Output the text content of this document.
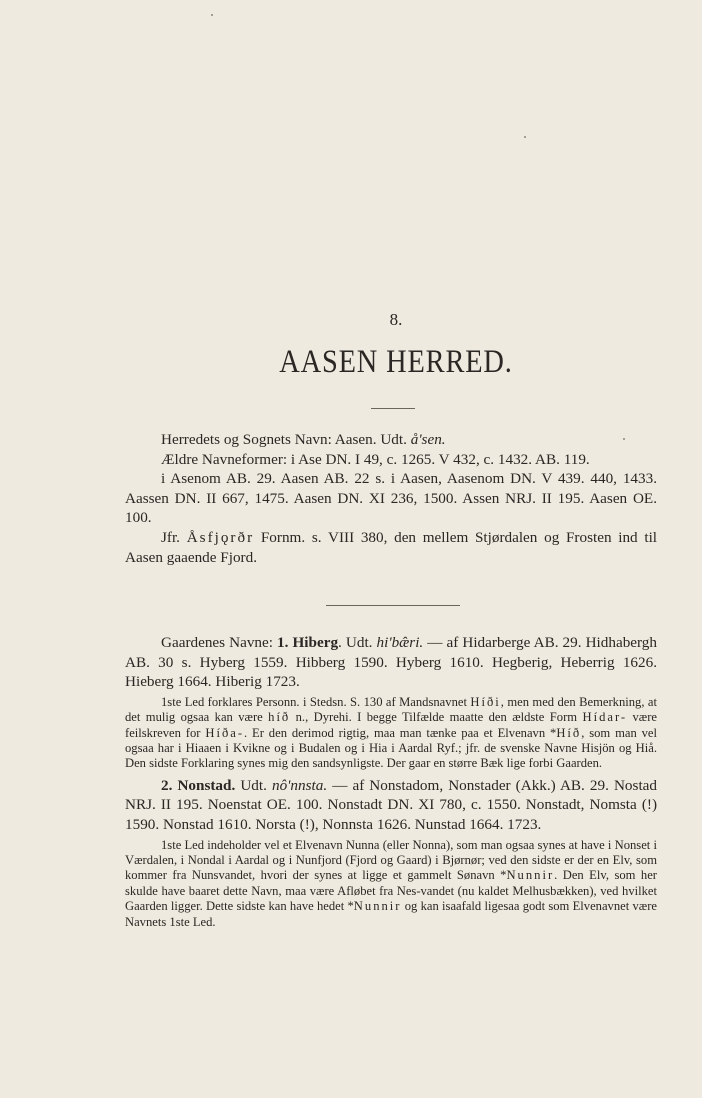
8.
AASEN HERRED.

Herredets og Sognets Navn: Aasen. Udt. å'sen.

Ældre Navneformer: i Ase DN. I 49, c. 1265. V 432, c. 1432. AB. 119.

i Asenom AB. 29. Aasen AB. 22 s. i Aasen, Aasenom DN. V 439. 440, 1433. Aassen DN. II 667, 1475. Aasen DN. XI 236, 1500. Assen NRJ. II 195. Aasen OE. 100.

Jfr. Åsfjǫrðr Fornm. s. VIII 380, den mellem Stjørdalen og Frosten ind til Aasen gaaende Fjord.

Gaardenes Navne: 1. Hiberg. Udt. hi'bæ̂ri. — af Hidarberge AB. 29. Hidhabergh AB. 30 s. Hyberg 1559. Hibberg 1590. Hyberg 1610. Hegberig, Heberrig 1626. Hieberg 1664. Hiberig 1723.

1ste Led forklares Personn. i Stedsn. S. 130 af Mandsnavnet Híði, men med den Bemerkning, at det mulig ogsaa kan være híð n., Dyrehi. I begge Tilfælde maatte den ældste Form Hídar- være feilskreven for Híða-. Er den derimod rigtig, maa man tænke paa et Elvenavn *Híð, som man vel ogsaa har i Hiaaen i Kvikne og i Budalen og i Hia i Aardal Ryf.; jfr. de svenske Navne Hisjön og Hiå. Den sidste Forklaring synes mig den sandsynligste. Der gaar en større Bæk lige forbi Gaarden.

2. Nonstad. Udt. nô'nnsta. — af Nonstadom, Nonstader (Akk.) AB. 29. Nostad NRJ. II 195. Noenstat OE. 100. Nonstadt DN. XI 780, c. 1550. Nonstadt, Nomsta (!) 1590. Nonstad 1610. Norsta (!), Nonnsta 1626. Nunstad 1664. 1723.

1ste Led indeholder vel et Elvenavn Nunna (eller Nonna), som man ogsaa synes at have i Nonset i Værdalen, i Nondal i Aardal og i Nunfjord (Fjord og Gaard) i Bjørnør; ved den sidste er der en Elv, som kommer fra Nunsvandet, hvori der synes at ligge et gammelt Sønavn *Nunnir. Den Elv, som her skulde have baaret dette Navn, maa være Afløbet fra Nes-vandet (nu kaldet Melhusbækken), ved hvilket Gaarden ligger. Dette sidste kan have hedet *Nunnir og kan isaafald ligesaa godt som Elvenavnet være Navnets 1ste Led.
